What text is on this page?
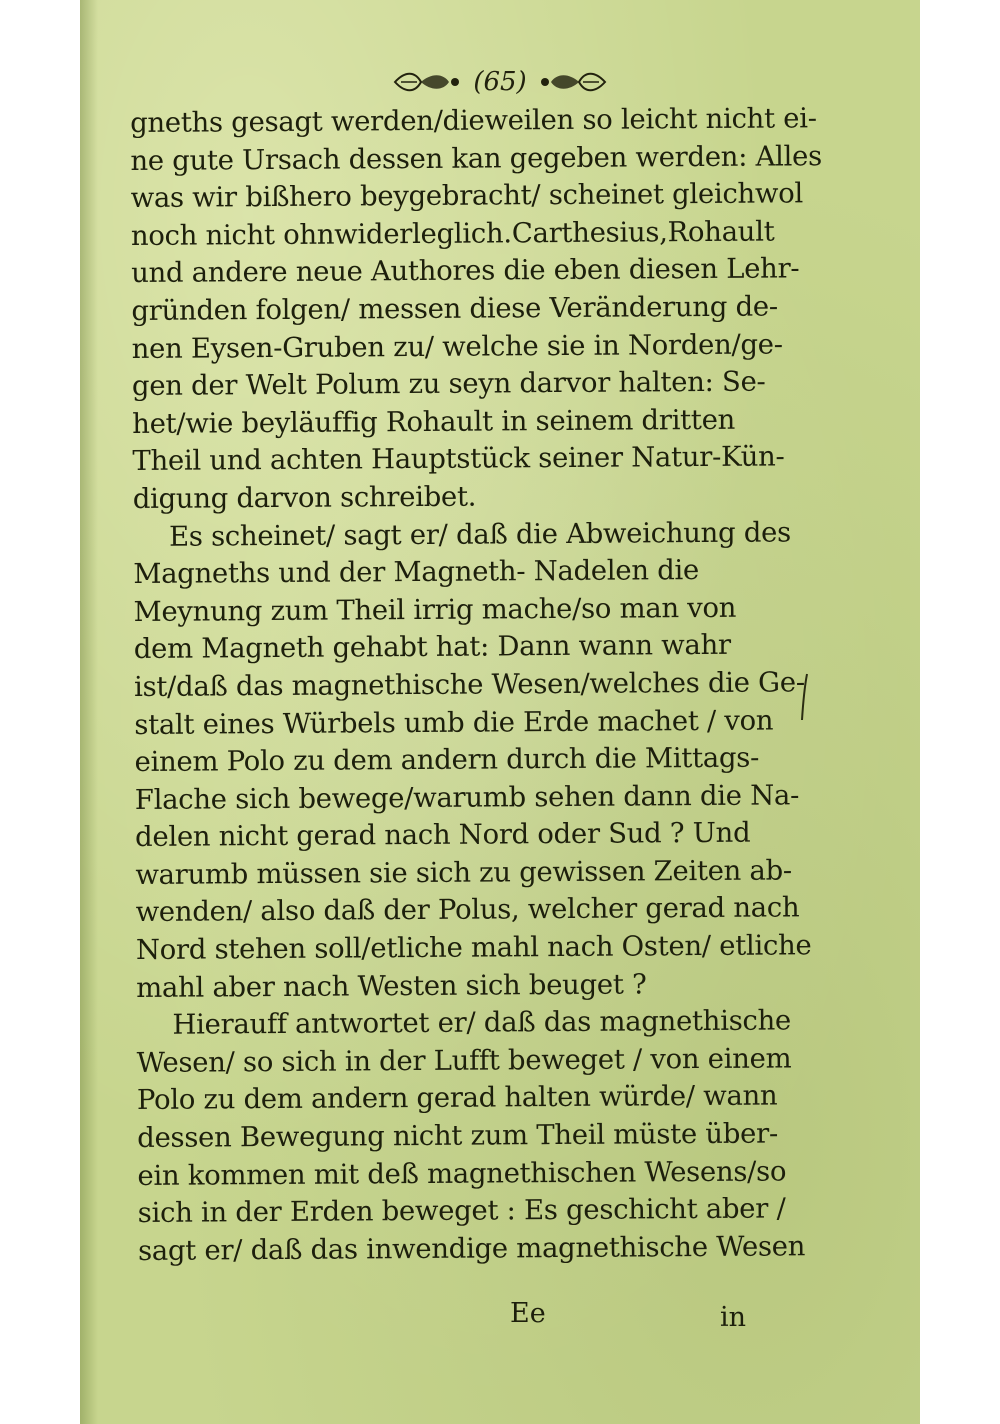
(65)
gneths gesagt werden/dieweilen so leicht nicht ei-
ne gute Ursach dessen kan gegeben werden: Alles
was wir bißhero beygebracht/ scheinet gleichwol
noch nicht ohnwiderleglich.Carthesius,Rohault
und andere neue Authores die eben diesen Lehr-
gründen folgen/ messen diese Veränderung de-
nen Eysen-Gruben zu/ welche sie in Norden/ge-
gen der Welt Polum zu seyn darvor halten: Se-
het/wie beyläuffig Rohault in seinem dritten
Theil und achten Hauptstück seiner Natur-Kün-
digung darvon schreibet.
Es scheinet/ sagt er/ daß die Abweichung des
Magneths und der Magneth- Nadelen die
Meynung zum Theil irrig mache/so man von
dem Magneth gehabt hat: Dann wann wahr
ist/daß das magnethische Wesen/welches die Ge-
stalt eines Würbels umb die Erde machet / von
einem Polo zu dem andern durch die Mittags-
Flache sich bewege/warumb sehen dann die Na-
delen nicht gerad nach Nord oder Sud ? Und
warumb müssen sie sich zu gewissen Zeiten ab-
wenden/ also daß der Polus, welcher gerad nach
Nord stehen soll/etliche mahl nach Osten/ etliche
mahl aber nach Westen sich beuget ?
Hierauff antwortet er/ daß das magnethische
Wesen/ so sich in der Lufft beweget / von einem
Polo zu dem andern gerad halten würde/ wann
dessen Bewegung nicht zum Theil müste über-
ein kommen mit deß magnethischen Wesens/so
sich in der Erden beweget : Es geschicht aber /
sagt er/ daß das inwendige magnethische Wesen
Ee	in
